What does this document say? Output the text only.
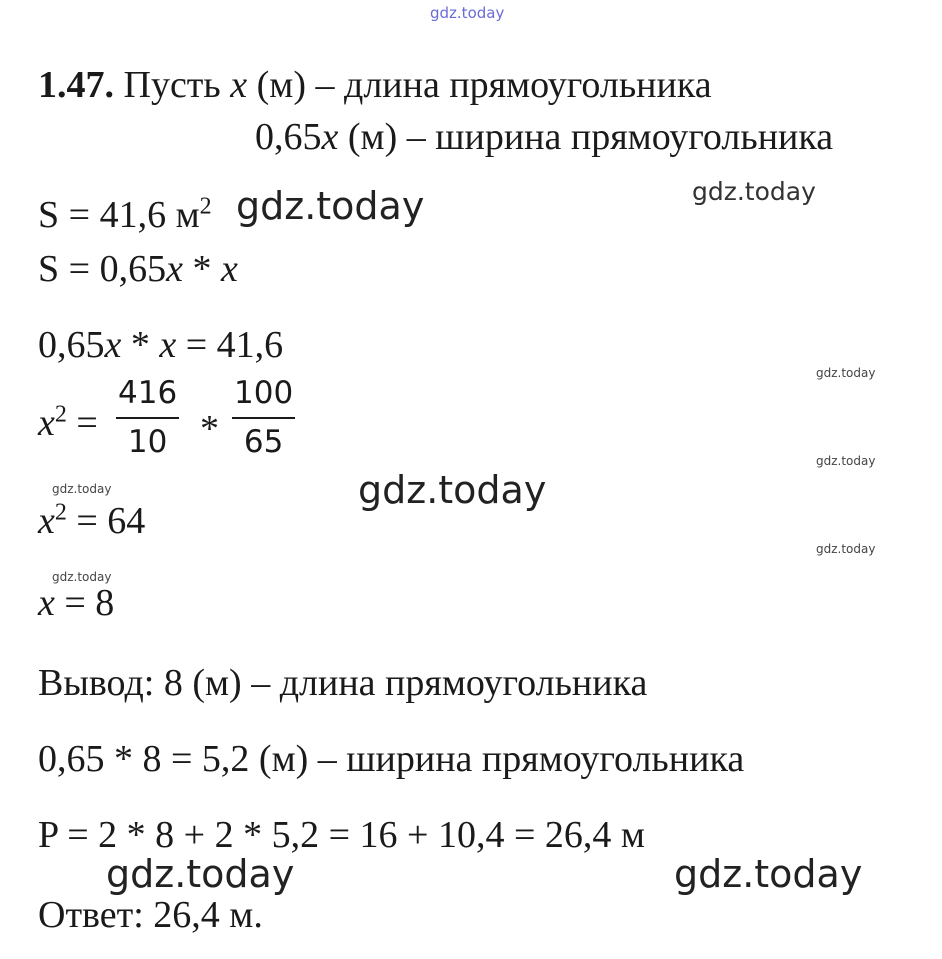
gdz.today
gdz.today	gdz.today
gdz.today
gdz.today
gdz.today
gdz.today
gdz.today
gdz.today
gdz.today	gdz.today
1.47. Пусть x (м) – длина прямоугольника
0,65x (м) – ширина прямоугольника
S = 41,6 $м^2$
S = 0,65x * x
0,65x * x = 41,6
$x^2 = \frac{416}{10} * \frac{100}{65}$
$x^2 = 64$
x = 8
Вывод: 8 (м) – длина прямоугольника
0,65 * 8 = 5,2 (м) – ширина прямоугольника
P = 2 * 8 + 2 * 5,2 = 16 + 10,4 = 26,4 м
Ответ: 26,4 м.
